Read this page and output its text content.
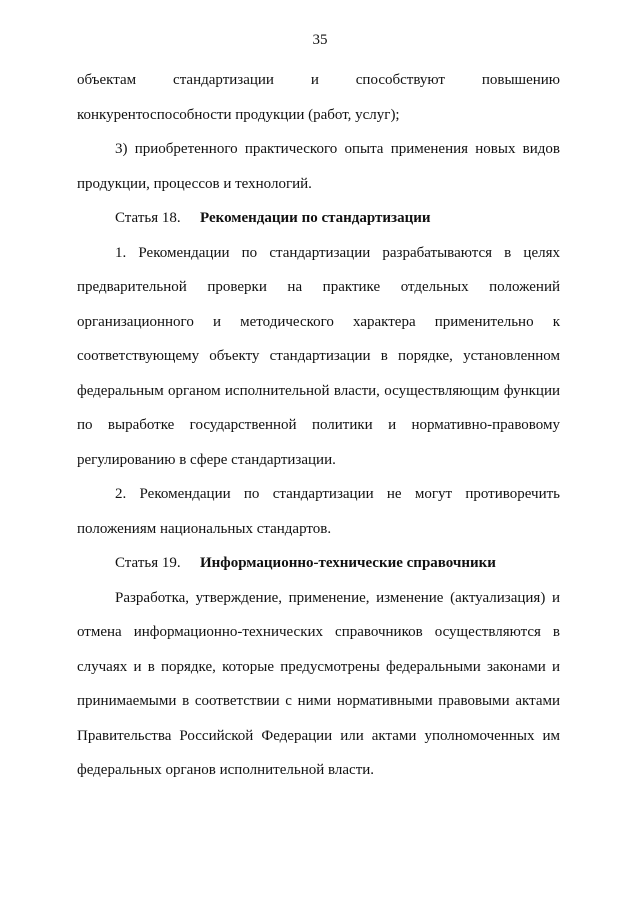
35

объектам стандартизации и способствуют повышению

конкурентоспособности продукции (работ, услуг);

3) приобретенного практического опыта применения новых видов продукции, процессов и технологий.

Статья 18. Рекомендации по стандартизации

1. Рекомендации по стандартизации разрабатываются в целях предварительной проверки на практике отдельных положений организационного и методического характера применительно к соответствующему объекту стандартизации в порядке, установленном федеральным органом исполнительной власти, осуществляющим функции по выработке государственной политики и нормативно-правовому регулированию в сфере стандартизации.

2. Рекомендации по стандартизации не могут противоречить положениям национальных стандартов.

Статья 19. Информационно-технические справочники

Разработка, утверждение, применение, изменение (актуализация) и отмена информационно-технических справочников осуществляются в случаях и в порядке, которые предусмотрены федеральными законами и принимаемыми в соответствии с ними нормативными правовыми актами Правительства Российской Федерации или актами уполномоченных им федеральных органов исполнительной власти.
